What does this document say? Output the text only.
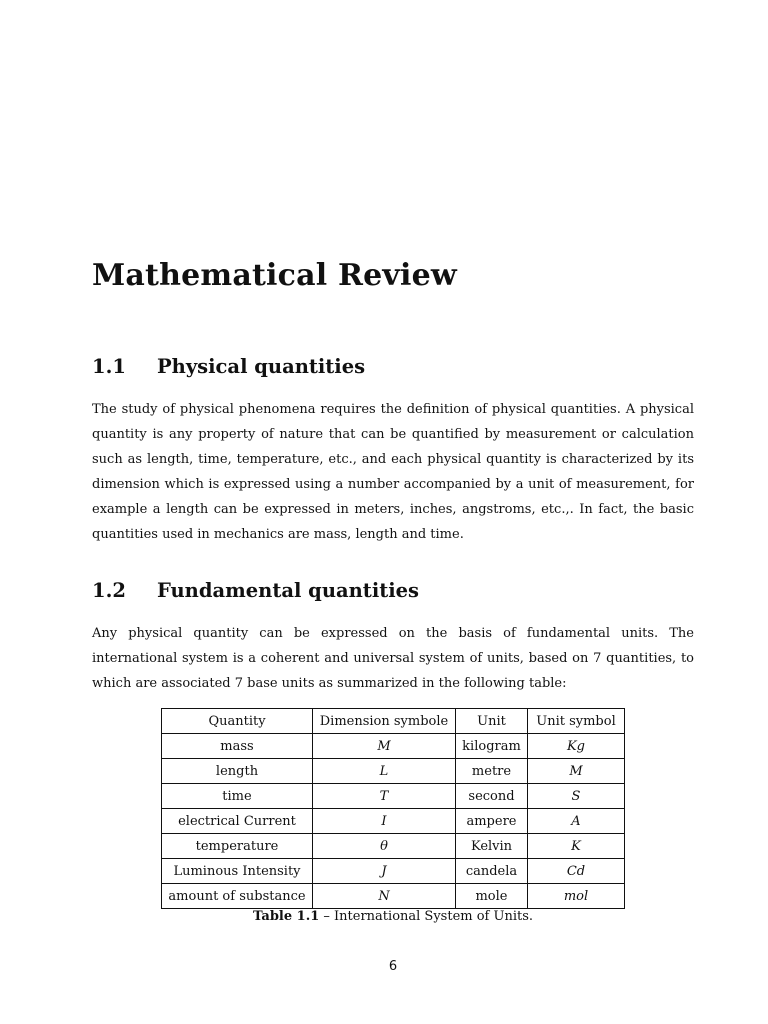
Mathematical Review
1.1 Physical quantities

The study of physical phenomena requires the definition of physical quantities. A physical quantity is any property of nature that can be quantified by measurement or calculation such as length, time, temperature, etc., and each physical quantity is characterized by its dimension which is expressed using a number accompanied by a unit of measurement, for example a length can be expressed in meters, inches, angstroms, etc.,. In fact, the basic quantities used in mechanics are mass, length and time.

1.2 Fundamental quantities

Any physical quantity can be expressed on the basis of fundamental units. The international system is a coherent and universal system of units, based on 7 quantities, to which are associated 7 base units as summarized in the following table:

Quantity	Dimension symbole	Unit	Unit symbol
mass	M	kilogram	Kg
length	L	metre	M
time	T	second	S
electrical Current	I	ampere	A
temperature	θ	Kelvin	K
Luminous Intensity	J	candela	Cd
amount of substance	N	mole	mol

Table 1.1 – International System of Units.

6
